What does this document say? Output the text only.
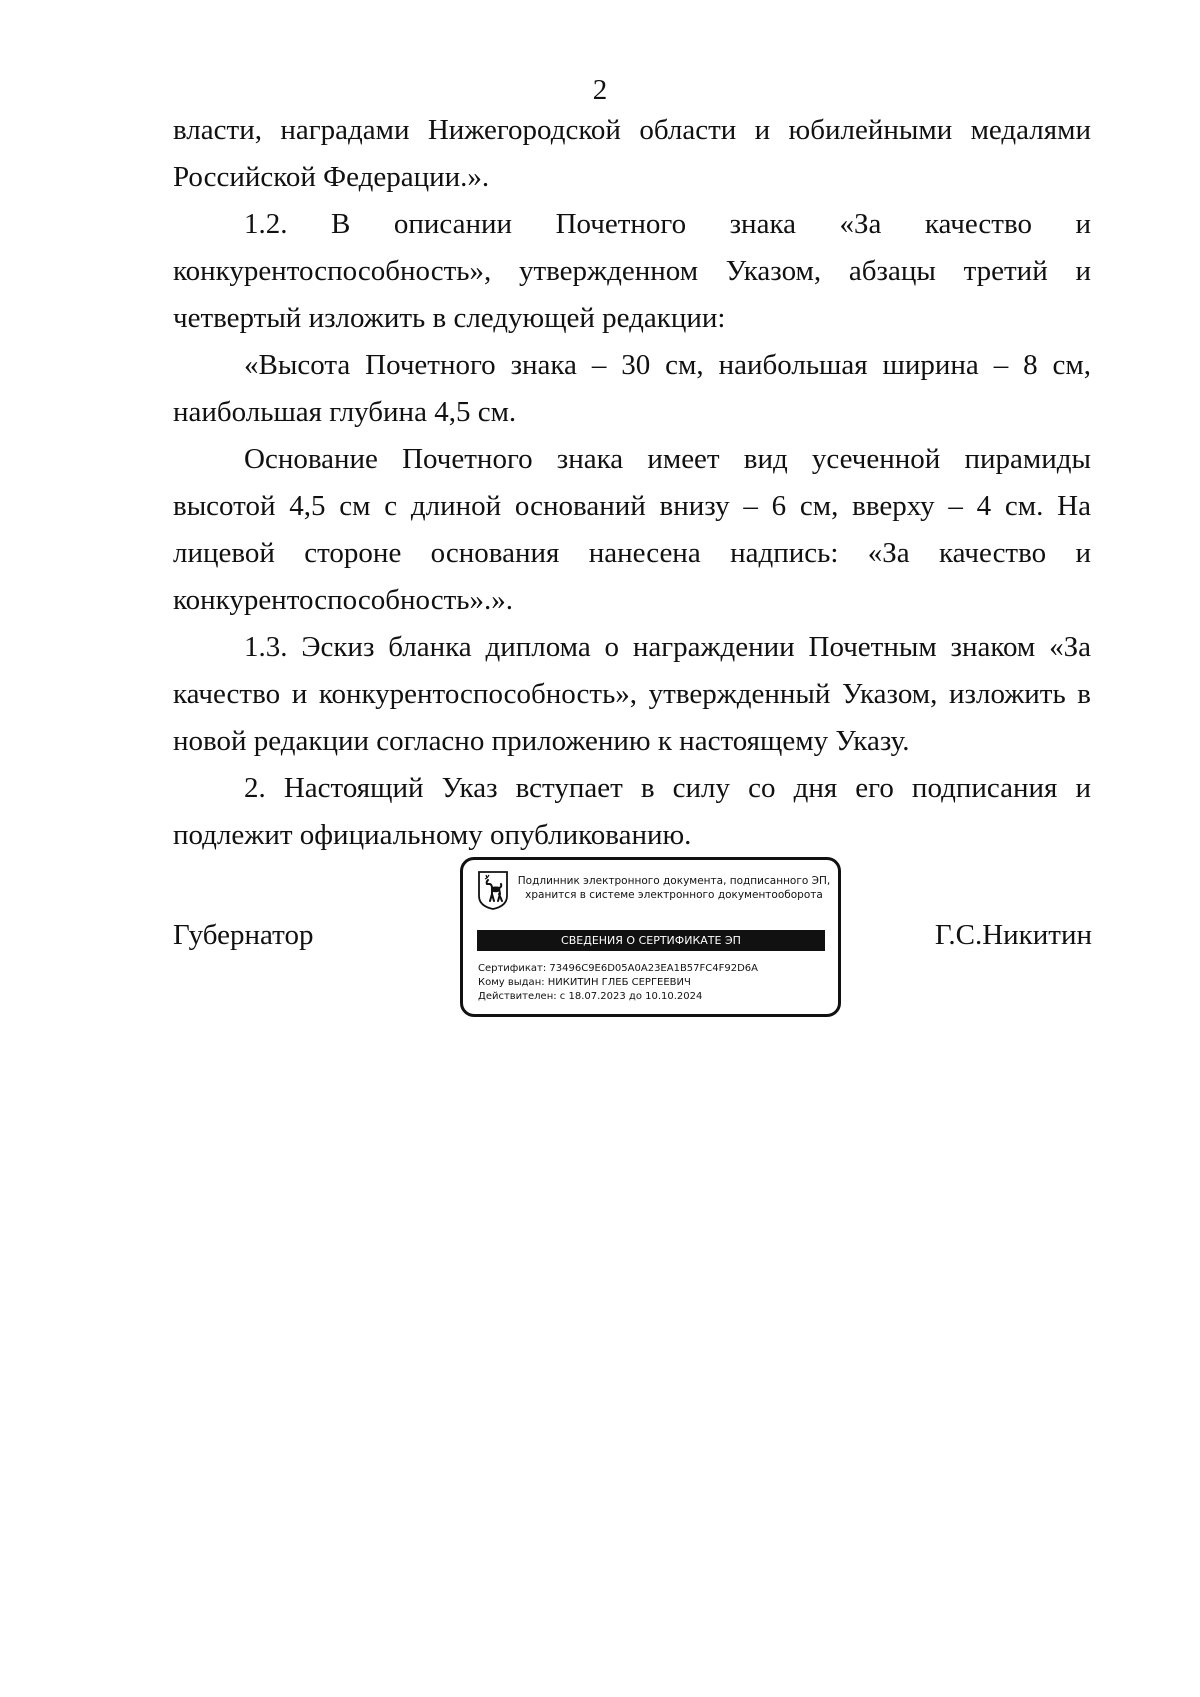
2

власти, наградами Нижегородской области и юбилейными медалями Российской Федерации.».

1.2. В описании Почетного знака «За качество и конкурентоспособность», утвержденном Указом, абзацы третий и четвертый изложить в следующей редакции:

«Высота Почетного знака – 30 см, наибольшая ширина – 8 см, наибольшая глубина 4,5 см.

Основание Почетного знака имеет вид усеченной пирамиды высотой 4,5 см с длиной оснований внизу – 6 см, вверху – 4 см. На лицевой стороне основания нанесена надпись: «За качество и конкурентоспособность».».

1.3. Эскиз бланка диплома о награждении Почетным знаком «За качество и конкурентоспособность», утвержденный Указом, изложить в новой редакции согласно приложению к настоящему Указу.

2. Настоящий Указ вступает в силу со дня его подписания и подлежит официальному опубликованию.

Губернатор
Подлинник электронного документа, подписанного ЭП,
хранится в системе электронного документооборота
СВЕДЕНИЯ О СЕРТИФИКАТЕ ЭП
Сертификат: 73496C9E6D05A0A23EA1B57FC4F92D6A
Кому выдан: НИКИТИН ГЛЕБ СЕРГЕЕВИЧ
Действителен: с 18.07.2023 до 10.10.2024
Г.С.Никитин
